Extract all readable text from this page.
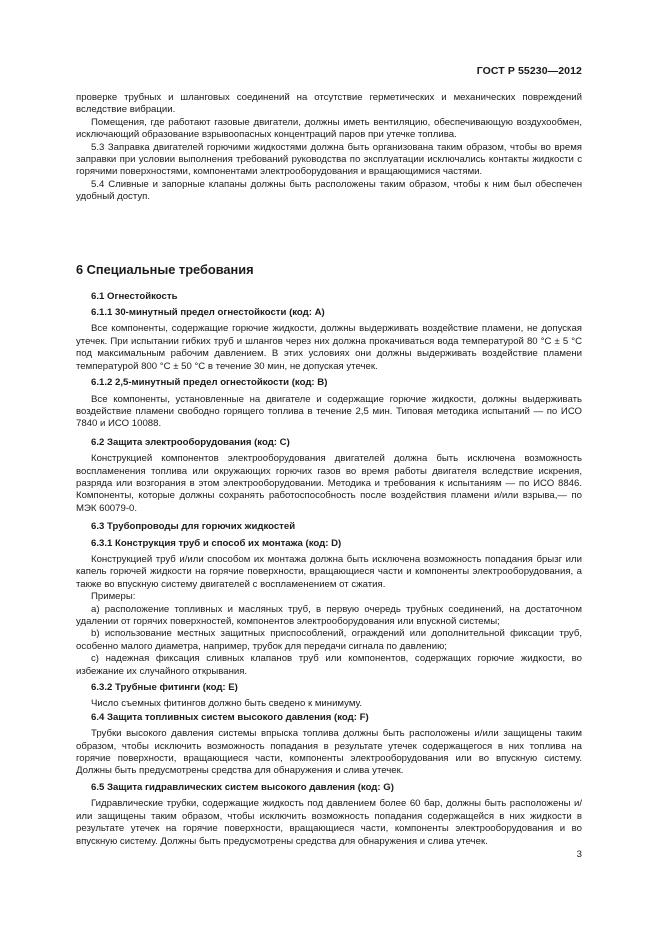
ГОСТ Р 55230—2012

проверке трубных и шланговых соединений на отсутствие герметических и механических повреждений вследствие вибрации.

Помещения, где работают газовые двигатели, должны иметь вентиляцию, обеспечивающую воздухообмен, исключающий образование взрывоопасных концентраций паров при утечке топлива.

5.3 Заправка двигателей горючими жидкостями должна быть организована таким образом, чтобы во время заправки при условии выполнения требований руководства по эксплуатации исключались контакты жидкости с горячими поверхностями, компонентами электрооборудования и вращающимися частями.

5.4 Сливные и запорные клапаны должны быть расположены таким образом, чтобы к ним был обеспечен удобный доступ.

6 Специальные требования
6.1 Огнестойкость
6.1.1 30-минутный предел огнестойкости (код: A)

Все компоненты, содержащие горючие жидкости, должны выдерживать воздействие пламени, не допуская утечек. При испытании гибких труб и шлангов через них должна прокачиваться вода температурой 80 °C ± 5 °C под максимальным рабочим давлением. В этих условиях они должны выдерживать воздействие пламени температурой 800 °C ± 50 °C в течение 30 мин, не допуская утечек.

6.1.2 2,5-минутный предел огнестойкости (код: B)

Все компоненты, установленные на двигателе и содержащие горючие жидкости, должны выдерживать воздействие пламени свободно горящего топлива в течение 2,5 мин. Типовая методика испытаний — по ИСО 7840 и ИСО 10088.

6.2 Защита электрооборудования (код: C)

Конструкцией компонентов электрооборудования двигателей должна быть исключена возможность воспламенения топлива или окружающих горючих газов во время работы двигателя вследствие искрения, разряда или возгорания в этом электрооборудовании. Методика и требования к испытаниям — по ИСО 8846. Компоненты, которые должны сохранять работоспособность после воздействия пламени и/или взрыва,— по МЭК 60079-0.

6.3 Трубопроводы для горючих жидкостей
6.3.1 Конструкция труб и способ их монтажа (код: D)

Конструкцией труб и/или способом их монтажа должна быть исключена возможность попадания брызг или капель горючей жидкости на горячие поверхности, вращающиеся части и компоненты электрооборудования, а также во впускную систему двигателей с воспламенением от сжатия.

Примеры:

a) расположение топливных и масляных труб, в первую очередь трубных соединений, на достаточном удалении от горячих поверхностей, компонентов электрооборудования или впускной системы;

b) использование местных защитных приспособлений, ограждений или дополнительной фиксации труб, особенно малого диаметра, например, трубок для передачи сигнала по давлению;

c) надежная фиксация сливных клапанов труб или компонентов, содержащих горючие жидкости, во избежание их случайного открывания.

6.3.2 Трубные фитинги (код: E)

Число съемных фитингов должно быть сведено к минимуму.

6.4 Защита топливных систем высокого давления (код: F)

Трубки высокого давления системы впрыска топлива должны быть расположены и/или защищены таким образом, чтобы исключить возможность попадания в результате утечек содержащегося в них топлива на горячие поверхности, вращающиеся части, компоненты электрооборудования или во впускную систему. Должны быть предусмотрены средства для обнаружения и слива утечек.

6.5 Защита гидравлических систем высокого давления (код: G)

Гидравлические трубки, содержащие жидкость под давлением более 60 бар, должны быть расположены и/или защищены таким образом, чтобы исключить возможность попадания содержащейся в них жидкости в результате утечек на горячие поверхности, вращающиеся части, компоненты электрооборудования и во впускную систему. Должны быть предусмотрены средства для обнаружения и слива утечек.

3
